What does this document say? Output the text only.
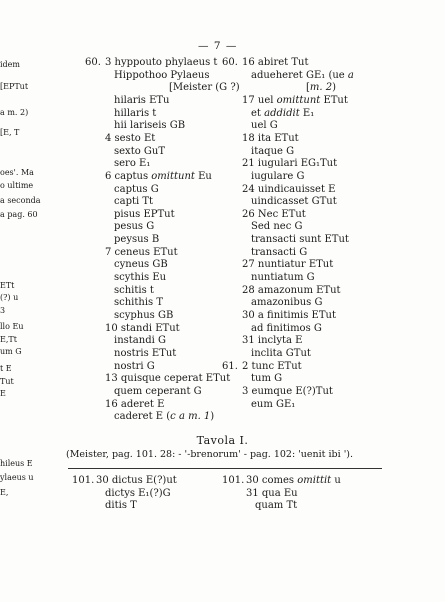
idem
[EPTut
a m. 2)
[E, T
oes'. Ma
o ultime
a seconda
a pag. 60
ETt
(?) u
3
llo Eu
E,Tt
um G
t E
Tut
E
hileus E
ylaeus u
E,
— 7 —
60. 3 hyppouto phylaeus t
Hippothoo Pylaeus
[Meister (G ?)
hilaris ETu
hillaris t
hii lariseis GB
4 sesto Et
sexto GuT
sero E₁
6 captus omittunt Eu
captus G
capti Tt
pisus EPTut
pesus G
peysus B
7 ceneus ETut
cyneus GB
scythis Eu
schitis t
schithis T
scyphus GB
10 standi ETut
instandi G
nostris ETut
nostri G
13 quisque ceperat ETut
quem ceperant G
16 aderet E
caderet E (c a m. 1)
60. 16 abiret Tut
adueheret GE₁ (ue a
[m. 2)
17 uel omittunt ETut
et addidit E₁
uel G
18 ita ETut
itaque G
21 iugulari EG₁Tut
iugulare G
24 uindicauisset E
uindicasset GTut
26 Nec ETut
Sed nec G
transacti sunt ETut
transacti G
27 nuntiatur ETut
nuntiatum G
28 amazonum ETut
amazonibus G
30 a finitimis ETut
ad finitimos G
31 inclyta E
inclita GTut
61. 2 tunc ETut
tum G
3 eumque E(?)Tut
eum GE₁
Tavola I.
(Meister, pag. 101. 28: - '-brenorum' - pag. 102: 'uenit ibi ').
101. 30 dictus E(?)ut
dictys E₁(?)G
ditis T
101. 30 comes omittit u
31 qua Eu
quam Tt
